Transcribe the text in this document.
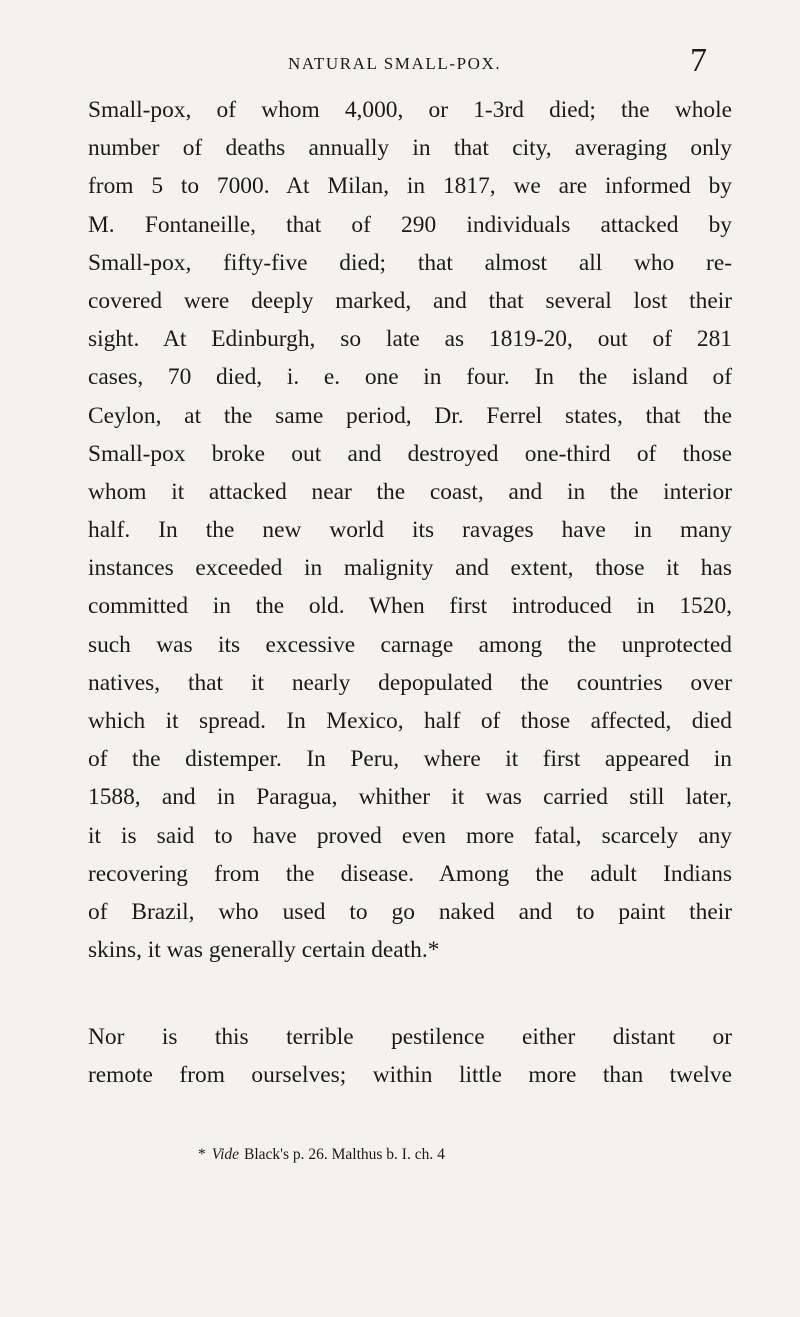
NATURAL SMALL-POX.	7
Small-pox, of whom 4,000, or 1-3rd died; the whole
number of deaths annually in that city, averaging only
from 5 to 7000. At Milan, in 1817, we are informed by
M. Fontaneille, that of 290 individuals attacked by
Small-pox, fifty-five died; that almost all who re-
covered were deeply marked, and that several lost their
sight. At Edinburgh, so late as 1819-20, out of 281
cases, 70 died, i. e. one in four. In the island of
Ceylon, at the same period, Dr. Ferrel states, that the
Small-pox broke out and destroyed one-third of those
whom it attacked near the coast, and in the interior
half. In the new world its ravages have in many
instances exceeded in malignity and extent, those it has
committed in the old. When first introduced in 1520,
such was its excessive carnage among the unprotected
natives, that it nearly depopulated the countries over
which it spread. In Mexico, half of those affected, died
of the distemper. In Peru, where it first appeared in
1588, and in Paragua, whither it was carried still later,
it is said to have proved even more fatal, scarcely any
recovering from the disease. Among the adult Indians
of Brazil, who used to go naked and to paint their
skins, it was generally certain death.*
Nor is this terrible pestilence either distant or
remote from ourselves; within little more than twelve
* Vide Black's p. 26. Malthus b. I. ch. 4
